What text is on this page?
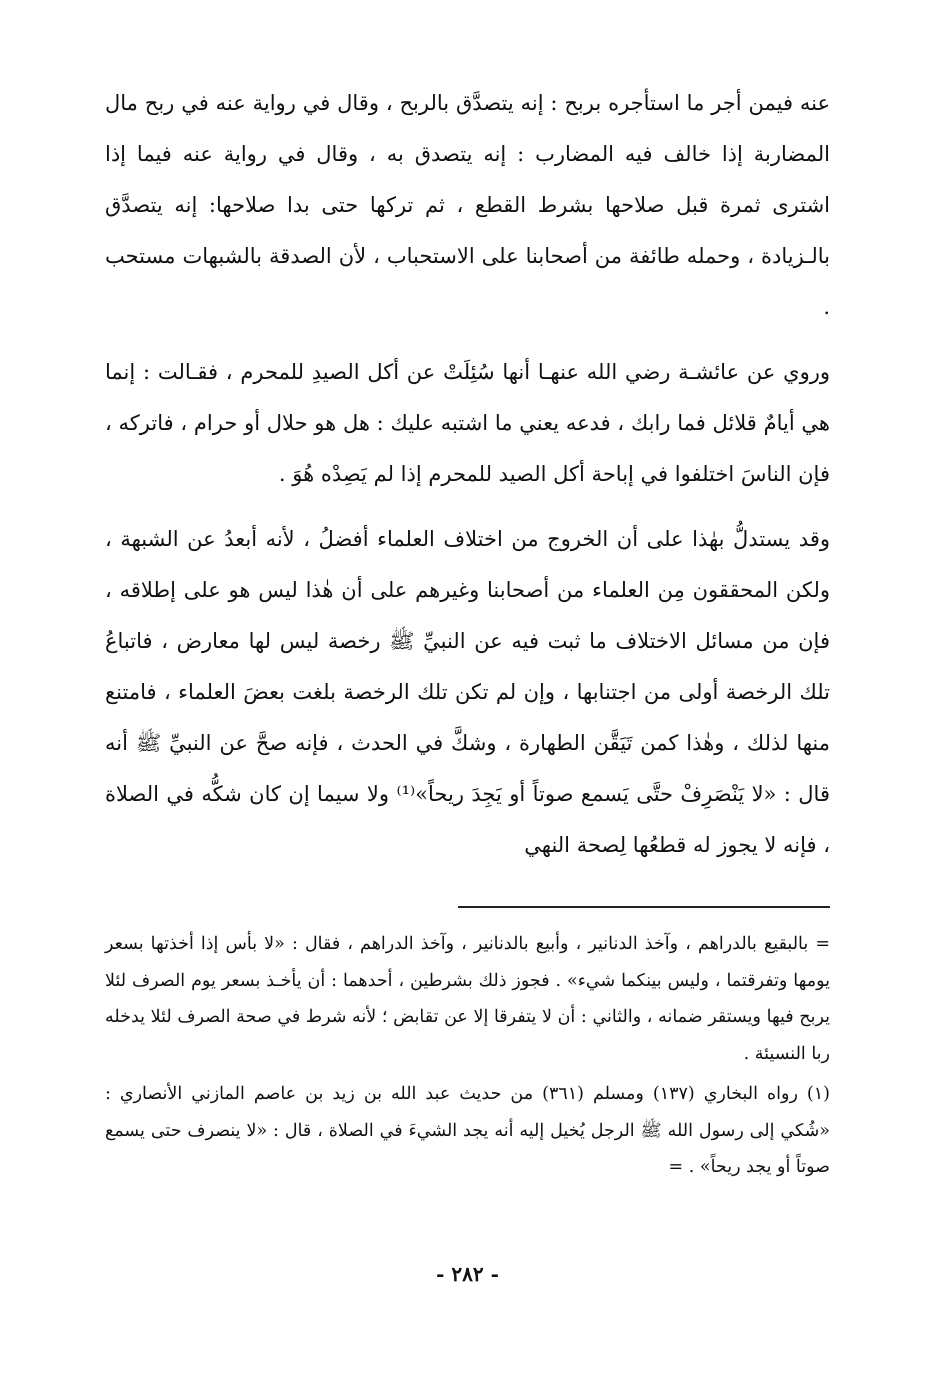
عنه فيمن أجر ما استأجره بربح : إنه يتصدَّق بالربح ، وقال في رواية عنه في ربح مال المضاربة إذا خالف فيه المضارب : إنه يتصدق به ، وقال في رواية عنه فيما إذا اشترى ثمرة قبل صلاحها بشرط القطع ، ثم تركها حتى بدا صلاحها: إنه يتصدَّق بالـزيادة ، وحمله طائفة من أصحابنا على الاستحباب ، لأن الصدقة بالشبهات مستحب .

وروي عن عائشـة رضي الله عنهـا أنها سُئِلَتْ عن أكل الصيدِ للمحرم ، فقـالت : إنما هي أيامٌ قلائل فما رابك ، فدعه يعني ما اشتبه عليك : هل هو حلال أو حرام ، فاتركه ، فإن الناسَ اختلفوا في إباحة أكل الصيد للمحرم إذا لم يَصِدْه هُوَ .

وقد يستدلُّ بهٰذا على أن الخروج من اختلاف العلماء أفضلُ ، لأنه أبعدُ عن الشبهة ، ولكن المحققون مِن العلماء من أصحابنا وغيرهم على أن هٰذا ليس هو على إطلاقه ، فإن من مسائل الاختلاف ما ثبت فيه عن النبيِّ ﷺ رخصة ليس لها معارض ، فاتباعُ تلك الرخصة أولى من اجتنابها ، وإن لم تكن تلك الرخصة بلغت بعضَ العلماء ، فامتنع منها لذلك ، وهٰذا كمن تَيَقَّن الطهارة ، وشكَّ في الحدث ، فإنه صحَّ عن النبيِّ ﷺ أنه قال : «لا يَنْصَرِفْ حتَّى يَسمع صوتاً أو يَجِدَ ريحاً»⁽¹⁾ ولا سيما إن كان شكُّه في الصلاة ، فإنه لا يجوز له قطعُها لِصحة النهي

= بالبقيع بالدراهم ، وآخذ الدنانير ، وأبيع بالدنانير ، وآخذ الدراهم ، فقال : «لا بأس إذا أخذتها بسعر يومها وتفرقتما ، وليس بينكما شيء» . فجوز ذلك بشرطين ، أحدهما : أن يأخـذ بسعر يوم الصرف لئلا يربح فيها ويستقر ضمانه ، والثاني : أن لا يتفرقا إلا عن تقابض ؛ لأنه شرط في صحة الصرف لئلا يدخله ربا النسيئة .

(١) رواه البخاري (١٣٧) ومسلم (٣٦١) من حديث عبد الله بن زيد بن عاصم المازني الأنصاري : «شُكي إلى رسول الله ﷺ الرجل يُخيل إليه أنه يجد الشيءَ في الصلاة ، قال : «لا ينصرف حتى يسمع صوتاً أو يجد ريحاً» . =

- ٢٨٢ -
